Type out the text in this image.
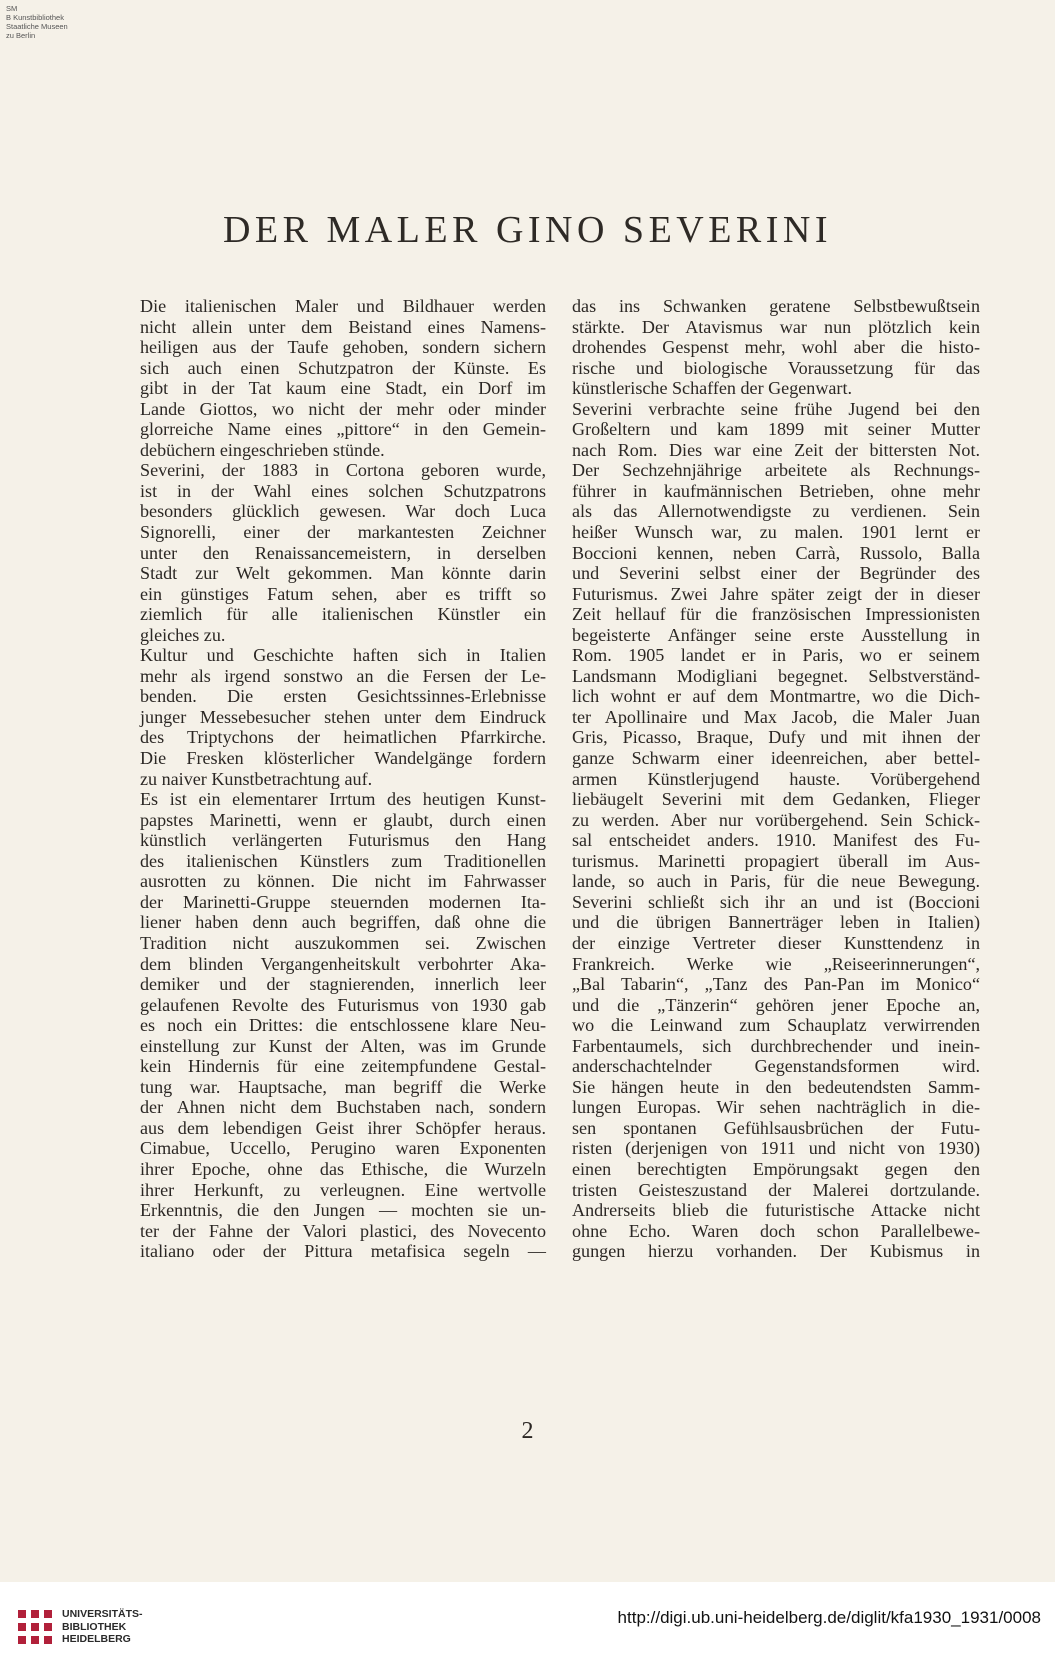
SM
B Kunstbibliothek
Staatliche Museen
zu Berlin
DER MALER GINO SEVERINI
Die italienischen Maler und Bildhauer werden
nicht allein unter dem Beistand eines Namens-
heiligen aus der Taufe gehoben, sondern sichern
sich auch einen Schutzpatron der Künste. Es
gibt in der Tat kaum eine Stadt, ein Dorf im
Lande Giottos, wo nicht der mehr oder minder
glorreiche Name eines „pittore“ in den Gemein-
debüchern eingeschrieben stünde.
Severini, der 1883 in Cortona geboren wurde,
ist in der Wahl eines solchen Schutzpatrons
besonders glücklich gewesen. War doch Luca
Signorelli, einer der markantesten Zeichner
unter den Renaissancemeistern, in derselben
Stadt zur Welt gekommen. Man könnte darin
ein günstiges Fatum sehen, aber es trifft so
ziemlich für alle italienischen Künstler ein
gleiches zu.
Kultur und Geschichte haften sich in Italien
mehr als irgend sonstwo an die Fersen der Le-
benden. Die ersten Gesichtssinnes-Erlebnisse
junger Messebesucher stehen unter dem Eindruck
des Triptychons der heimatlichen Pfarrkirche.
Die Fresken klösterlicher Wandelgänge fordern
zu naiver Kunstbetrachtung auf.
Es ist ein elementarer Irrtum des heutigen Kunst-
papstes Marinetti, wenn er glaubt, durch einen
künstlich verlängerten Futurismus den Hang
des italienischen Künstlers zum Traditionellen
ausrotten zu können. Die nicht im Fahrwasser
der Marinetti-Gruppe steuernden modernen Ita-
liener haben denn auch begriffen, daß ohne die
Tradition nicht auszukommen sei. Zwischen
dem blinden Vergangenheitskult verbohrter Aka-
demiker und der stagnierenden, innerlich leer
gelaufenen Revolte des Futurismus von 1930 gab
es noch ein Drittes: die entschlossene klare Neu-
einstellung zur Kunst der Alten, was im Grunde
kein Hindernis für eine zeitempfundene Gestal-
tung war. Hauptsache, man begriff die Werke
der Ahnen nicht dem Buchstaben nach, sondern
aus dem lebendigen Geist ihrer Schöpfer heraus.
Cimabue, Uccello, Perugino waren Exponenten
ihrer Epoche, ohne das Ethische, die Wurzeln
ihrer Herkunft, zu verleugnen. Eine wertvolle
Erkenntnis, die den Jungen — mochten sie un-
ter der Fahne der Valori plastici, des Novecento
italiano oder der Pittura metafisica segeln —
das ins Schwanken geratene Selbstbewußtsein
stärkte. Der Atavismus war nun plötzlich kein
drohendes Gespenst mehr, wohl aber die histo-
rische und biologische Voraussetzung für das
künstlerische Schaffen der Gegenwart.
Severini verbrachte seine frühe Jugend bei den
Großeltern und kam 1899 mit seiner Mutter
nach Rom. Dies war eine Zeit der bittersten Not.
Der Sechzehnjährige arbeitete als Rechnungs-
führer in kaufmännischen Betrieben, ohne mehr
als das Allernotwendigste zu verdienen. Sein
heißer Wunsch war, zu malen. 1901 lernt er
Boccioni kennen, neben Carrà, Russolo, Balla
und Severini selbst einer der Begründer des
Futurismus. Zwei Jahre später zeigt der in dieser
Zeit hellauf für die französischen Impressionisten
begeisterte Anfänger seine erste Ausstellung in
Rom. 1905 landet er in Paris, wo er seinem
Landsmann Modigliani begegnet. Selbstverständ-
lich wohnt er auf dem Montmartre, wo die Dich-
ter Apollinaire und Max Jacob, die Maler Juan
Gris, Picasso, Braque, Dufy und mit ihnen der
ganze Schwarm einer ideenreichen, aber bettel-
armen Künstlerjugend hauste. Vorübergehend
liebäugelt Severini mit dem Gedanken, Flieger
zu werden. Aber nur vorübergehend. Sein Schick-
sal entscheidet anders. 1910. Manifest des Fu-
turismus. Marinetti propagiert überall im Aus-
lande, so auch in Paris, für die neue Bewegung.
Severini schließt sich ihr an und ist (Boccioni
und die übrigen Bannerträger leben in Italien)
der einzige Vertreter dieser Kunsttendenz in
Frankreich. Werke wie „Reiseerinnerungen“,
„Bal Tabarin“, „Tanz des Pan-Pan im Monico“
und die „Tänzerin“ gehören jener Epoche an,
wo die Leinwand zum Schauplatz verwirrenden
Farbentaumels, sich durchbrechender und inein-
anderschachtelnder Gegenstandsformen wird.
Sie hängen heute in den bedeutendsten Samm-
lungen Europas. Wir sehen nachträglich in die-
sen spontanen Gefühlsausbrüchen der Futu-
risten (derjenigen von 1911 und nicht von 1930)
einen berechtigten Empörungsakt gegen den
tristen Geisteszustand der Malerei dortzulande.
Andrerseits blieb die futuristische Attacke nicht
ohne Echo. Waren doch schon Parallelbewe-
gungen hierzu vorhanden. Der Kubismus in
2
UNIVERSITÄTS-
BIBLIOTHEK
HEIDELBERG
http://digi.ub.uni-heidelberg.de/diglit/kfa1930_1931/0008
